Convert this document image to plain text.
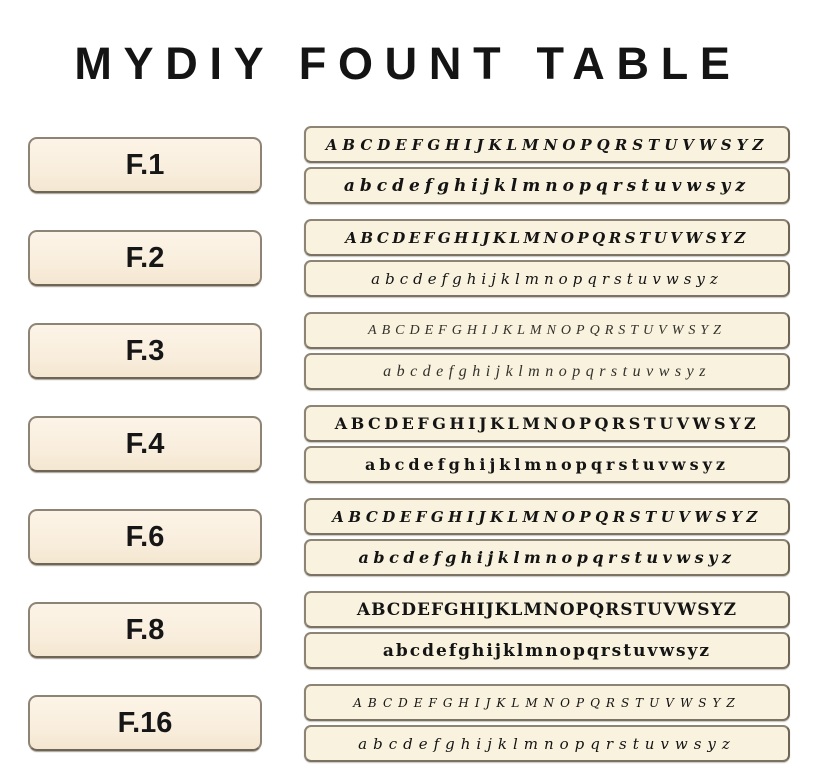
MYDIY FOUNT TABLE
F.1
ABCDEFGHIJKLMNOPQRSTUVWSYZ
abcdefghijklmnopqrstuvwsyz
F.2
ABCDEFGHIJKLMNOPQRSTUVWSYZ
abcdefghijklmnopqrstuvwsyz
F.3
ABCDEFGHIJKLMNOPQRSTUVWSYZ
abcdefghijklmnopqrstuvwsyz
F.4
ABCDEFGHIJKLMNOPQRSTUVWSYZ
abcdefghijklmnopqrstuvwsyz
F.6
ABCDEFGHIJKLMNOPQRSTUVWSYZ
abcdefghijklmnopqrstuvwsyz
F.8
ABCDEFGHIJKLMNOPQRSTUVWSYZ
abcdefghijklmnopqrstuvwsyz
F.16
ABCDEFGHIJKLMNOPQRSTUVWSYZ
abcdefghijklmnopqrstuvwsyz
